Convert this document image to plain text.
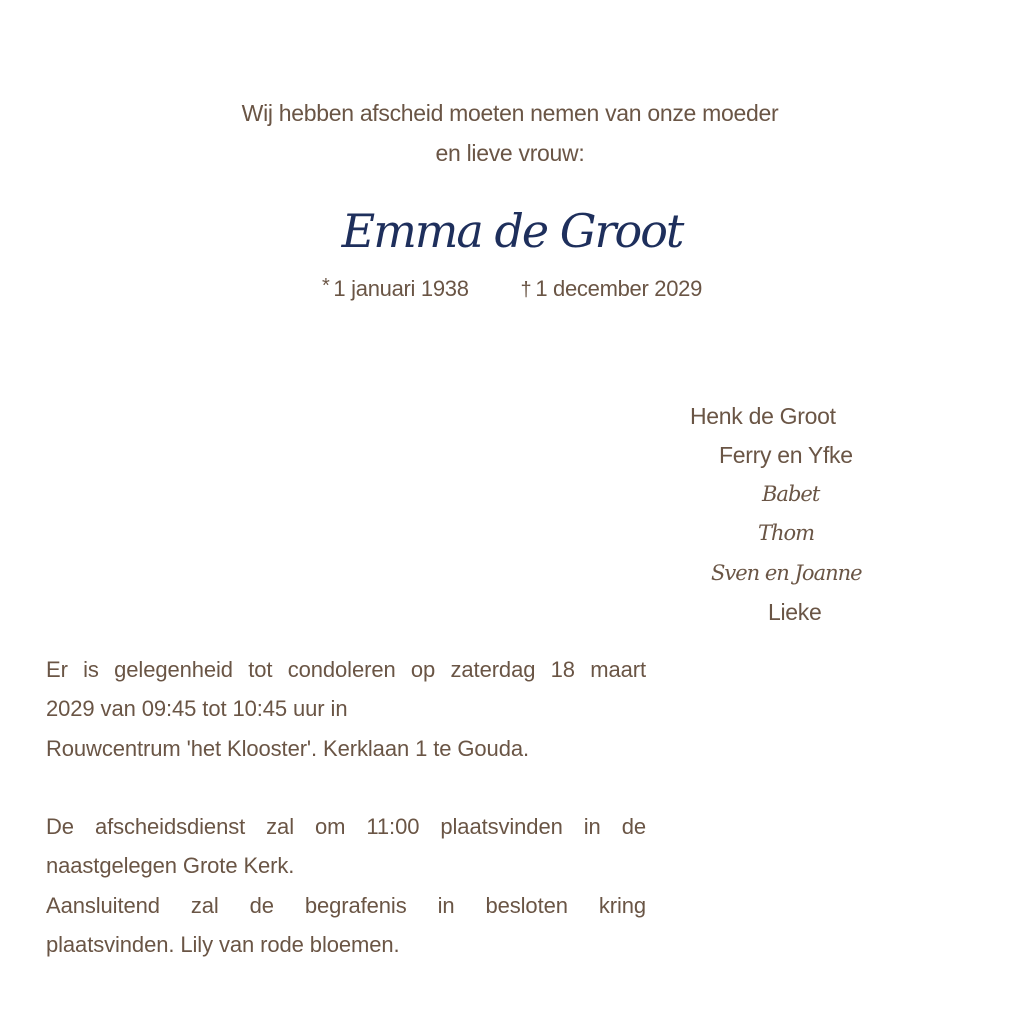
Wij hebben afscheid moeten nemen van onze moeder
en lieve vrouw:
Emma de Groot
* 1 januari 1938	† 1 december 2029
Henk de Groot
Ferry en Yfke
Babet
Thom
Sven en Joanne
Lieke
Er is gelegenheid tot condoleren op zaterdag 18 maart
2029 van 09:45 tot 10:45 uur in
Rouwcentrum 'het Klooster'. Kerklaan 1 te Gouda.
De afscheidsdienst zal om 11:00 plaatsvinden in de
naastgelegen Grote Kerk.
Aansluitend zal de begrafenis in besloten kring
plaatsvinden. Lily van rode bloemen.
